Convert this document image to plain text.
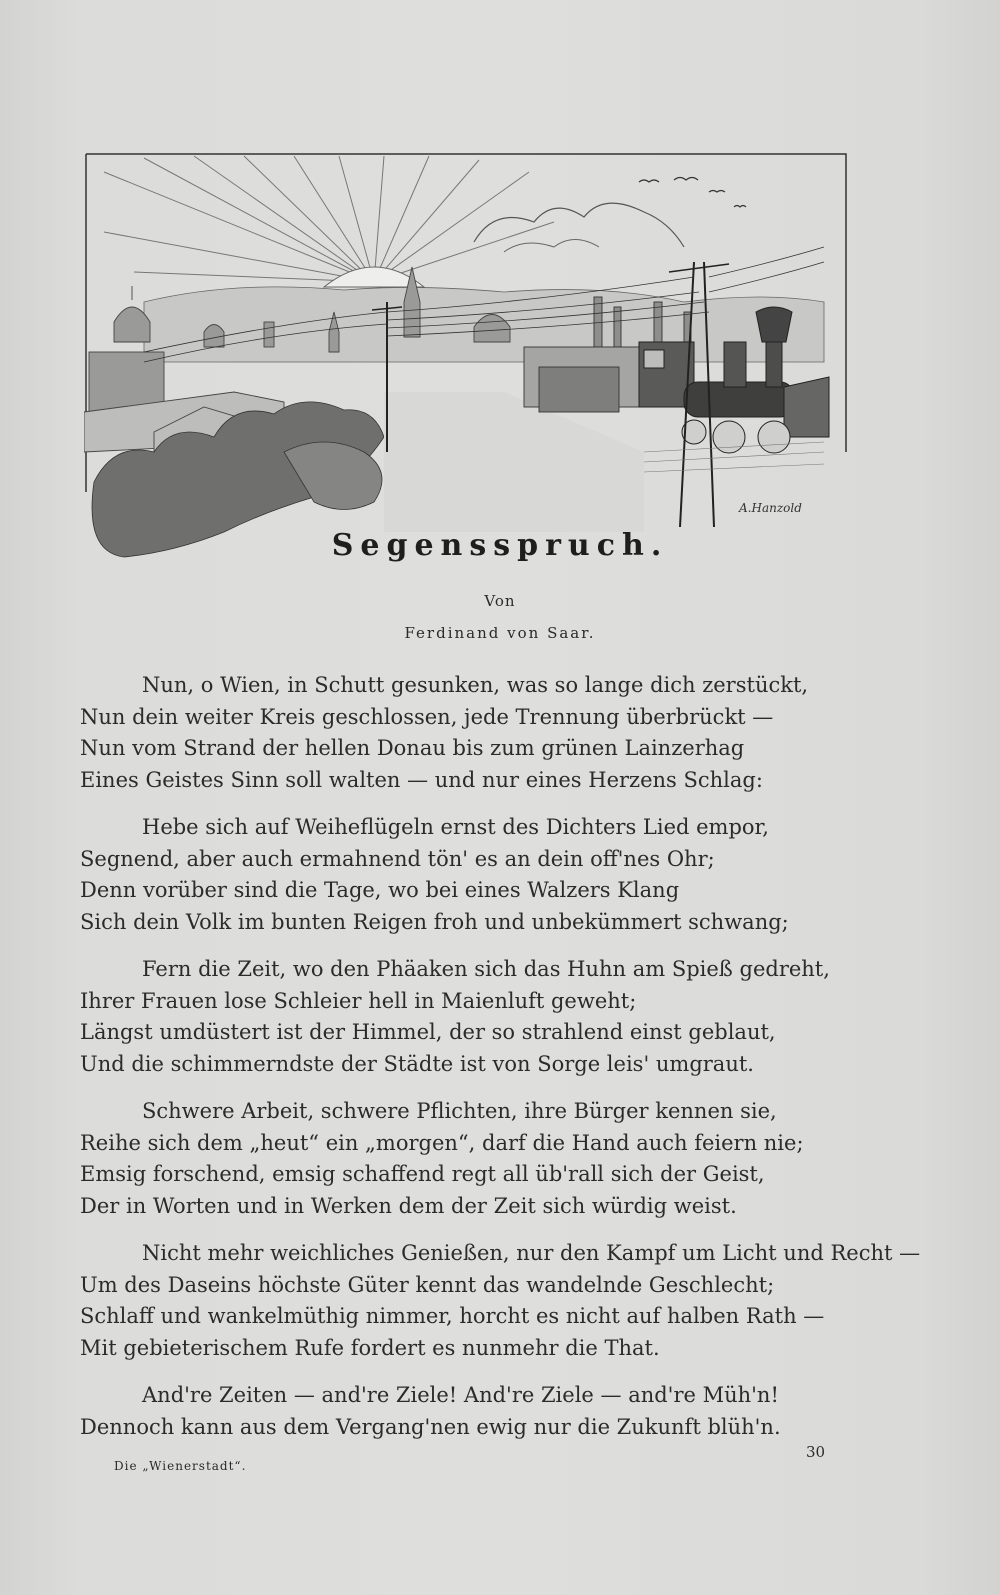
A.Hanzold
Segensspruch.
Von
Ferdinand von Saar.
Nun, o Wien, in Schutt gesunken, was so lange dich zerstückt,
Nun dein weiter Kreis geschlossen, jede Trennung überbrückt —
Nun vom Strand der hellen Donau bis zum grünen Lainzerhag
Eines Geistes Sinn soll walten — und nur eines Herzens Schlag:
Hebe sich auf Weiheflügeln ernst des Dichters Lied empor,
Segnend, aber auch ermahnend tön' es an dein off'nes Ohr;
Denn vorüber sind die Tage, wo bei eines Walzers Klang
Sich dein Volk im bunten Reigen froh und unbekümmert schwang;
Fern die Zeit, wo den Phäaken sich das Huhn am Spieß gedreht,
Ihrer Frauen lose Schleier hell in Maienluft geweht;
Längst umdüstert ist der Himmel, der so strahlend einst geblaut,
Und die schimmerndste der Städte ist von Sorge leis' umgraut.
Schwere Arbeit, schwere Pflichten, ihre Bürger kennen sie,
Reihe sich dem „heut“ ein „morgen“, darf die Hand auch feiern nie;
Emsig forschend, emsig schaffend regt all üb'rall sich der Geist,
Der in Worten und in Werken dem der Zeit sich würdig weist.
Nicht mehr weichliches Genießen, nur den Kampf um Licht und Recht —
Um des Daseins höchste Güter kennt das wandelnde Geschlecht;
Schlaff und wankelmüthig nimmer, horcht es nicht auf halben Rath —
Mit gebieterischem Rufe fordert es nunmehr die That.
And're Zeiten — and're Ziele! And're Ziele — and're Müh'n!
Dennoch kann aus dem Vergang'nen ewig nur die Zukunft blüh'n.
Die „Wienerstadt“.
30
